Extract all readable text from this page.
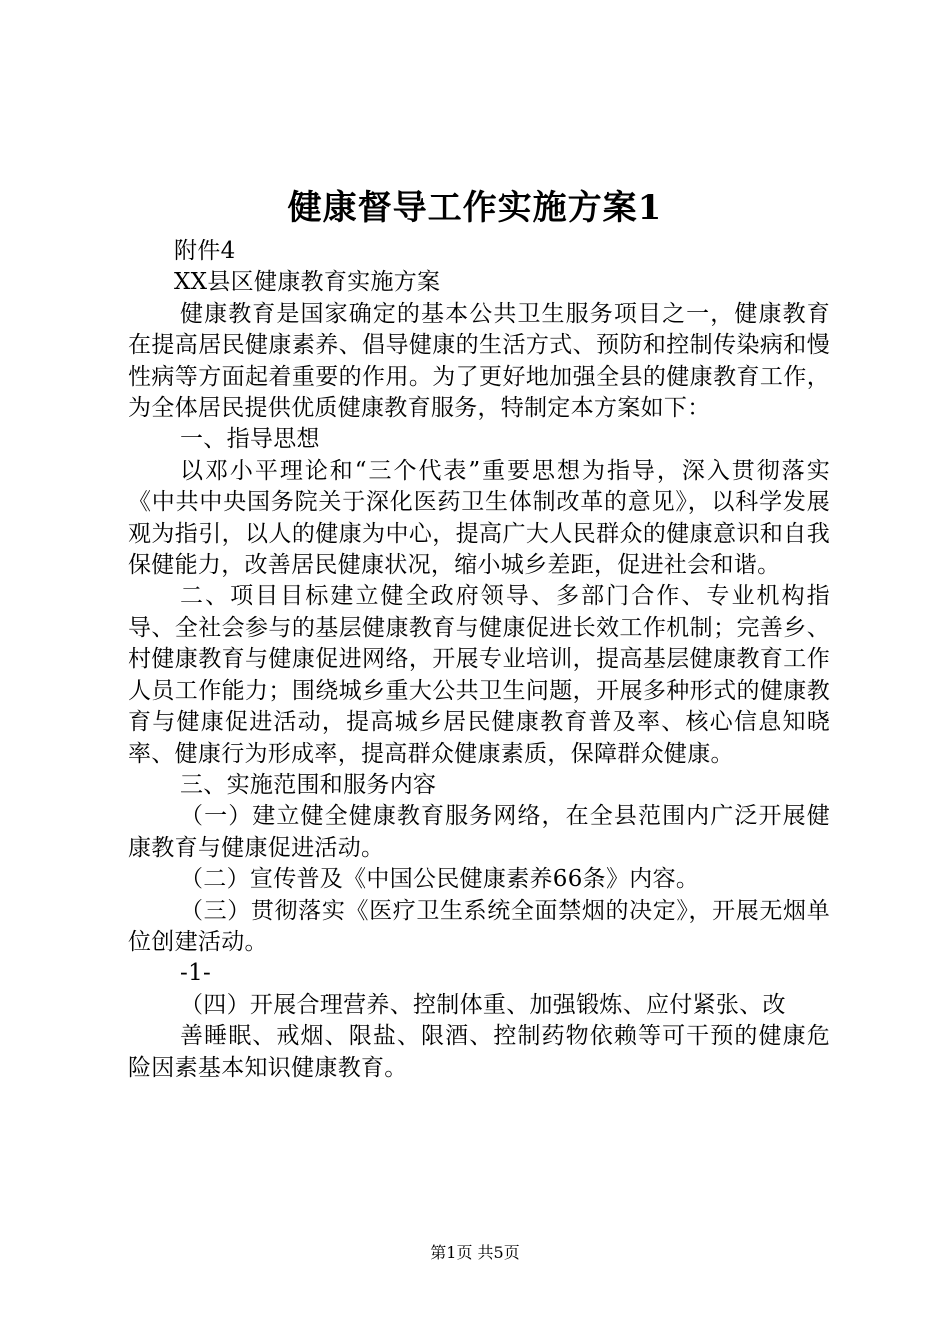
健康督导工作实施方案1

附件4

XX县区健康教育实施方案

健康教育是国家确定的基本公共卫生服务项目之一，健康教育在提高居民健康素养、倡导健康的生活方式、预防和控制传染病和慢性病等方面起着重要的作用。为了更好地加强全县的健康教育工作，为全体居民提供优质健康教育服务，特制定本方案如下：

一、指导思想

以邓小平理论和“三个代表”重要思想为指导，深入贯彻落实《中共中央国务院关于深化医药卫生体制改革的意见》，以科学发展观为指引，以人的健康为中心，提高广大人民群众的健康意识和自我保健能力，改善居民健康状况，缩小城乡差距，促进社会和谐。

二、项目目标建立健全政府领导、多部门合作、专业机构指导、全社会参与的基层健康教育与健康促进长效工作机制；完善乡、村健康教育与健康促进网络，开展专业培训，提高基层健康教育工作人员工作能力；围绕城乡重大公共卫生问题，开展多种形式的健康教育与健康促进活动，提高城乡居民健康教育普及率、核心信息知晓率、健康行为形成率，提高群众健康素质，保障群众健康。

三、实施范围和服务内容

（一）建立健全健康教育服务网络，在全县范围内广泛开展健康教育与健康促进活动。

（二）宣传普及《中国公民健康素养66条》内容。

（三）贯彻落实《医疗卫生系统全面禁烟的决定》，开展无烟单位创建活动。

-1-

（四）开展合理营养、控制体重、加强锻炼、应付紧张、改

善睡眠、戒烟、限盐、限酒、控制药物依赖等可干预的健康危险因素基本知识健康教育。

第1页 共5页
